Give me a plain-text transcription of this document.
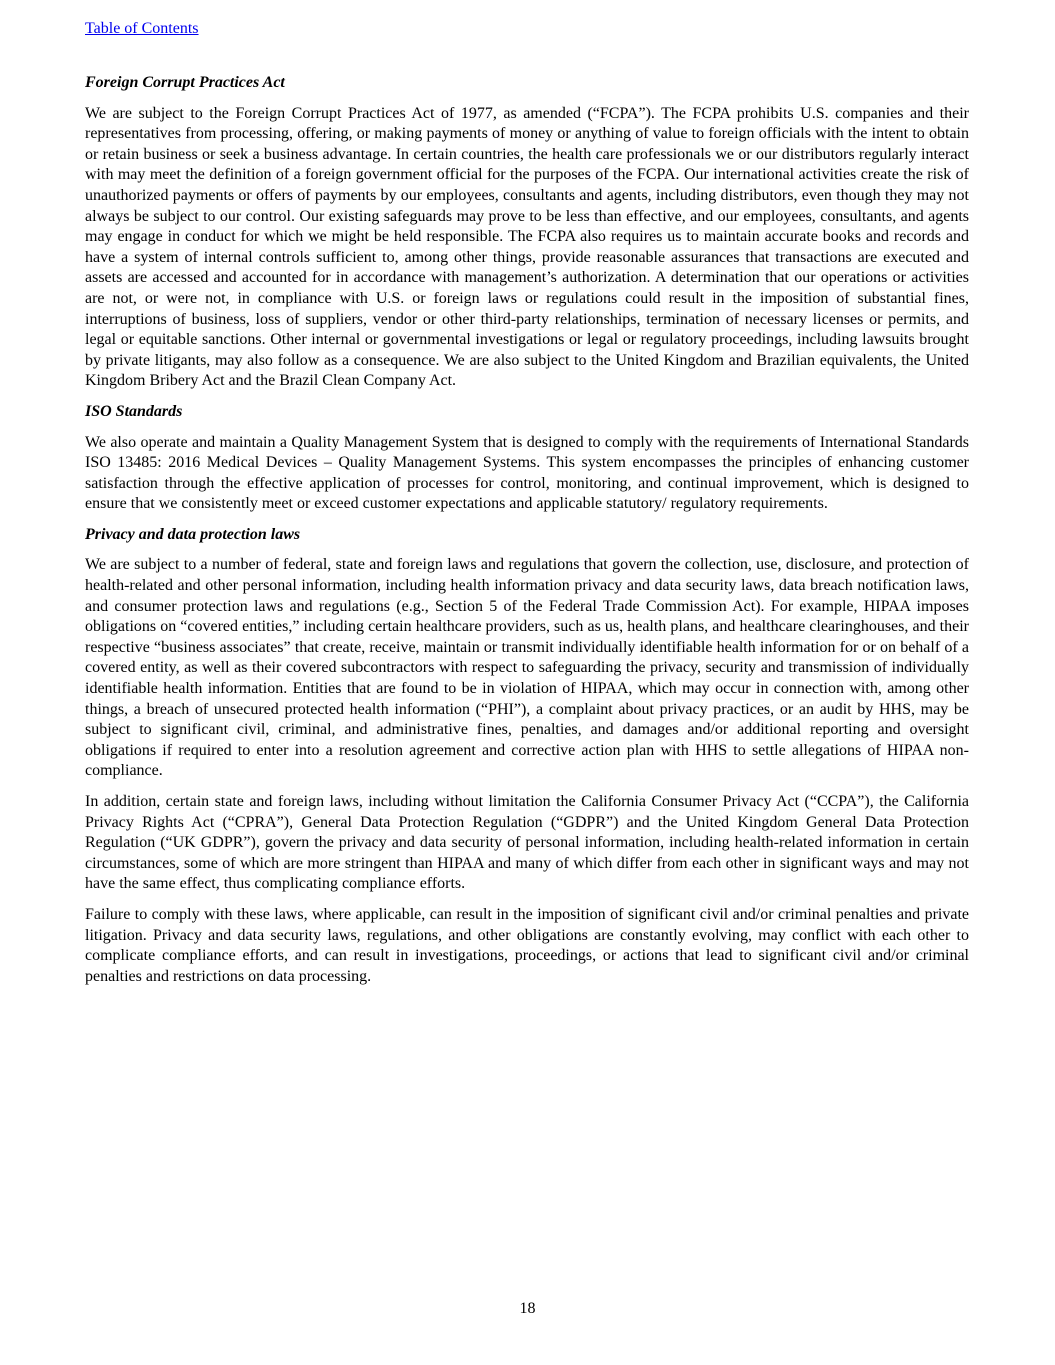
Table of Contents
Foreign Corrupt Practices Act

We are subject to the Foreign Corrupt Practices Act of 1977, as amended (“FCPA”). The FCPA prohibits U.S. companies and their representatives from processing, offering, or making payments of money or anything of value to foreign officials with the intent to obtain or retain business or seek a business advantage. In certain countries, the health care professionals we or our distributors regularly interact with may meet the definition of a foreign government official for the purposes of the FCPA. Our international activities create the risk of unauthorized payments or offers of payments by our employees, consultants and agents, including distributors, even though they may not always be subject to our control. Our existing safeguards may prove to be less than effective, and our employees, consultants, and agents may engage in conduct for which we might be held responsible. The FCPA also requires us to maintain accurate books and records and have a system of internal controls sufficient to, among other things, provide reasonable assurances that transactions are executed and assets are accessed and accounted for in accordance with management’s authorization. A determination that our operations or activities are not, or were not, in compliance with U.S. or foreign laws or regulations could result in the imposition of substantial fines, interruptions of business, loss of suppliers, vendor or other third-party relationships, termination of necessary licenses or permits, and legal or equitable sanctions. Other internal or governmental investigations or legal or regulatory proceedings, including lawsuits brought by private litigants, may also follow as a consequence. We are also subject to the United Kingdom and Brazilian equivalents, the United Kingdom Bribery Act and the Brazil Clean Company Act.

ISO Standards

We also operate and maintain a Quality Management System that is designed to comply with the requirements of International Standards ISO 13485: 2016 Medical Devices – Quality Management Systems. This system encompasses the principles of enhancing customer satisfaction through the effective application of processes for control, monitoring, and continual improvement, which is designed to ensure that we consistently meet or exceed customer expectations and applicable statutory/ regulatory requirements.

Privacy and data protection laws

We are subject to a number of federal, state and foreign laws and regulations that govern the collection, use, disclosure, and protection of health-related and other personal information, including health information privacy and data security laws, data breach notification laws, and consumer protection laws and regulations (e.g., Section 5 of the Federal Trade Commission Act). For example, HIPAA imposes obligations on “covered entities,” including certain healthcare providers, such as us, health plans, and healthcare clearinghouses, and their respective “business associates” that create, receive, maintain or transmit individually identifiable health information for or on behalf of a covered entity, as well as their covered subcontractors with respect to safeguarding the privacy, security and transmission of individually identifiable health information. Entities that are found to be in violation of HIPAA, which may occur in connection with, among other things, a breach of unsecured protected health information (“PHI”), a complaint about privacy practices, or an audit by HHS, may be subject to significant civil, criminal, and administrative fines, penalties, and damages and/or additional reporting and oversight obligations if required to enter into a resolution agreement and corrective action plan with HHS to settle allegations of HIPAA non-compliance.

In addition, certain state and foreign laws, including without limitation the California Consumer Privacy Act (“CCPA”), the California Privacy Rights Act (“CPRA”), General Data Protection Regulation (“GDPR”) and the United Kingdom General Data Protection Regulation (“UK GDPR”), govern the privacy and data security of personal information, including health-related information in certain circumstances, some of which are more stringent than HIPAA and many of which differ from each other in significant ways and may not have the same effect, thus complicating compliance efforts.

Failure to comply with these laws, where applicable, can result in the imposition of significant civil and/or criminal penalties and private litigation. Privacy and data security laws, regulations, and other obligations are constantly evolving, may conflict with each other to complicate compliance efforts, and can result in investigations, proceedings, or actions that lead to significant civil and/or criminal penalties and restrictions on data processing.

18
